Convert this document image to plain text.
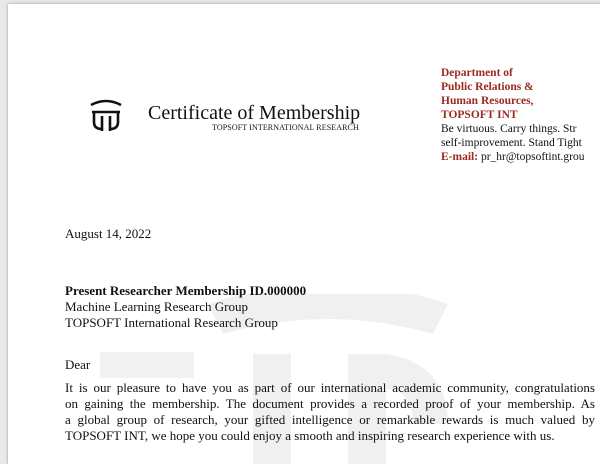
Certificate of Membership
TOPSOFT INTERNATIONAL RESEARCH
Department of
Public Relations &
Human Resources,
TOPSOFT INT
Be virtuous. Carry things. Str
self-improvement. Stand Tight
E-mail: pr_hr@topsoftint.grou
August 14, 2022
Present Researcher Membership ID.000000
Machine Learning Research Group
TOPSOFT International Research Group
Dear
It is our pleasure to have you as part of our international academic community, congratulations
on gaining the membership. The document provides a recorded proof of your membership. As
a global group of research, your gifted intelligence or remarkable rewards is much valued by
TOPSOFT INT, we hope you could enjoy a smooth and inspiring research experience with us.
